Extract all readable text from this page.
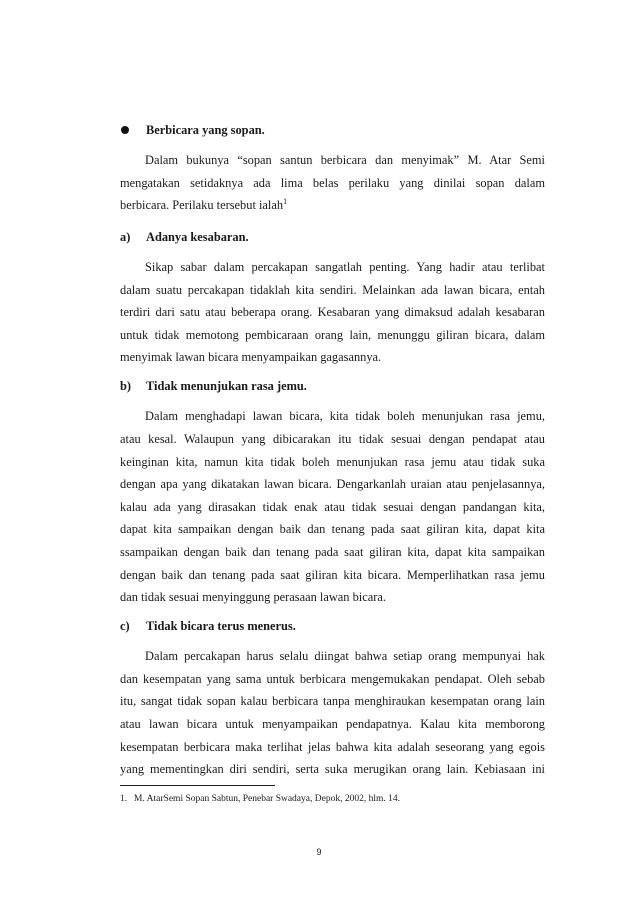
Berbicara yang sopan.
Dalam bukunya “sopan santun berbicara dan menyimak” M. Atar Semi
mengatakan setidaknya ada lima belas perilaku yang dinilai sopan dalam
berbicara. Perilaku tersebut ialah$^1$
a) Adanya kesabaran.
Sikap sabar dalam percakapan sangatlah penting. Yang hadir atau terlibat
dalam suatu percakapan tidaklah kita sendiri. Melainkan ada lawan bicara, entah
terdiri dari satu atau beberapa orang. Kesabaran yang dimaksud adalah kesabaran
untuk tidak memotong pembicaraan orang lain, menunggu giliran bicara, dalam
menyimak lawan bicara menyampaikan gagasannya.
b) Tidak menunjukan rasa jemu.
Dalam menghadapi lawan bicara, kita tidak boleh menunjukan rasa jemu,
atau kesal. Walaupun yang dibicarakan itu tidak sesuai dengan pendapat atau
keinginan kita, namun kita tidak boleh menunjukan rasa jemu atau tidak suka
dengan apa yang dikatakan lawan bicara. Dengarkanlah uraian atau penjelasannya,
kalau ada yang dirasakan tidak enak atau tidak sesuai dengan pandangan kita,
dapat kita sampaikan dengan baik dan tenang pada saat giliran kita, dapat kita
ssampaikan dengan baik dan tenang pada saat giliran kita, dapat kita sampaikan
dengan baik dan tenang pada saat giliran kita bicara. Memperlihatkan rasa jemu
dan tidak sesuai menyinggung perasaan lawan bicara.
c) Tidak bicara terus menerus.
Dalam percakapan harus selalu diingat bahwa setiap orang mempunyai hak
dan kesempatan yang sama untuk berbicara mengemukakan pendapat. Oleh sebab
itu, sangat tidak sopan kalau berbicara tanpa menghiraukan kesempatan orang lain
atau lawan bicara untuk menyampaikan pendapatnya. Kalau kita memborong
kesempatan berbicara maka terlihat jelas bahwa kita adalah seseorang yang egois
yang mementingkan diri sendiri, serta suka merugikan orang lain. Kebiasaan ini
1. M. AtarSemi Sopan Sabtun, Penebar Swadaya, Depok, 2002, hlm. 14.
9
